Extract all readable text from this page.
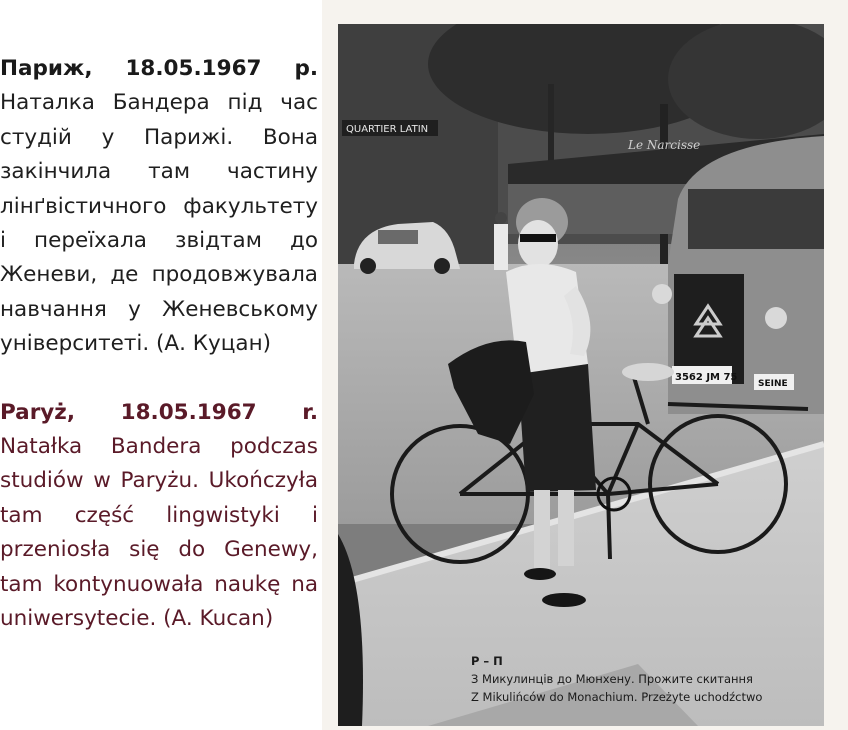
Париж, 18.05.1967 р. Наталка Бандера під час студій у Парижі. Вона закінчила там частину лінґвістичного факультету і переїхала звідтам до Женеви, де продовжувала навчання у Женевському університеті. (А. Куцан)

Paryż, 18.05.1967 r. Natałka Bandera podczas studiów w Paryżu. Ukończyła tam część lingwistyki i przeniosła się do Genewy, tam kontynuowała naukę na uniwersytecie. (A. Kucan)

QUARTIER LATIN
Le Narcisse
3562 JM 75
SEINE
Р – П
З Микулинців до Мюнхену. Прожите скитання
Z Mikulińców do Monachium. Przeżyte uchodźctwo
